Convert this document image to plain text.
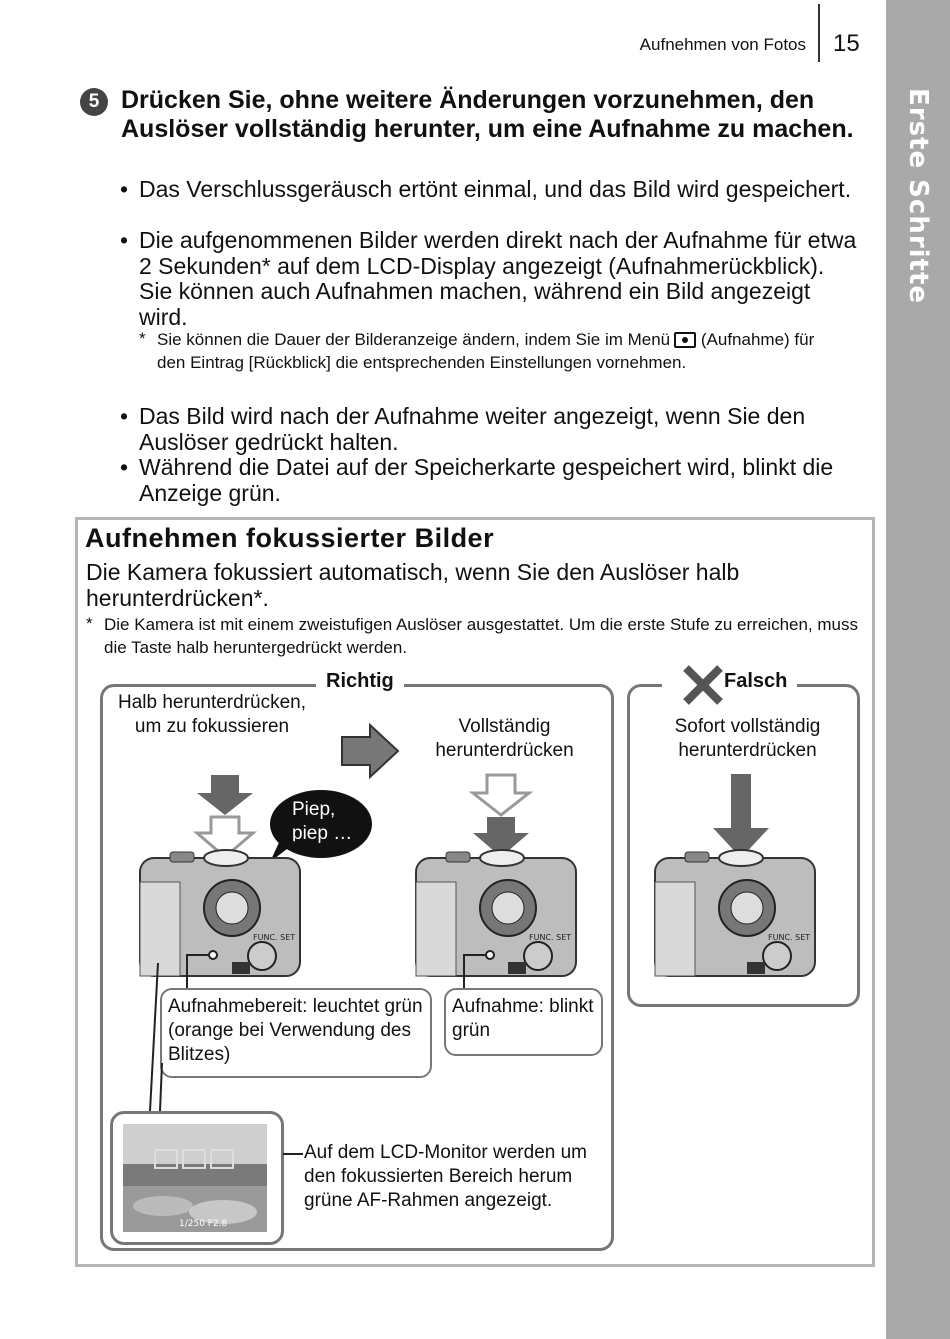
Erste Schritte
Aufnehmen von Fotos 15
5 Drücken Sie, ohne weitere Änderungen vorzunehmen, den Auslöser vollständig herunter, um eine Aufnahme zu machen.
• Das Verschlussgeräusch ertönt einmal, und das Bild wird gespeichert.
• Die aufgenommenen Bilder werden direkt nach der Aufnahme für etwa 2 Sekunden* auf dem LCD-Display angezeigt (Aufnahmerückblick). Sie können auch Aufnahmen machen, während ein Bild angezeigt wird.
* Sie können die Dauer der Bilderanzeige ändern, indem Sie im Menü (Aufnahme) für den Eintrag [Rückblick] die entsprechenden Einstellungen vornehmen.
• Das Bild wird nach der Aufnahme weiter angezeigt, wenn Sie den Auslöser gedrückt halten.
• Während die Datei auf der Speicherkarte gespeichert wird, blinkt die Anzeige grün.
Aufnehmen fokussierter Bilder
Die Kamera fokussiert automatisch, wenn Sie den Auslöser halb herunterdrücken*.
* Die Kamera ist mit einem zweistufigen Auslöser ausgestattet. Um die erste Stufe zu erreichen, muss die Taste halb heruntergedrückt werden.
Richtig	Falsch
Halb herunterdrücken, um zu fokussieren	Vollständig herunterdrücken
Sofort vollständig herunterdrücken
Piep, piep …
FUNC. SET	FUNC. SET	FUNC. SET
Aufnahmebereit: leuchtet grün (orange bei Verwendung des Blitzes)
Aufnahme: blinkt grün
1/250 F2.8
Auf dem LCD-Monitor werden um den fokussierten Bereich herum grüne AF-Rahmen angezeigt.
